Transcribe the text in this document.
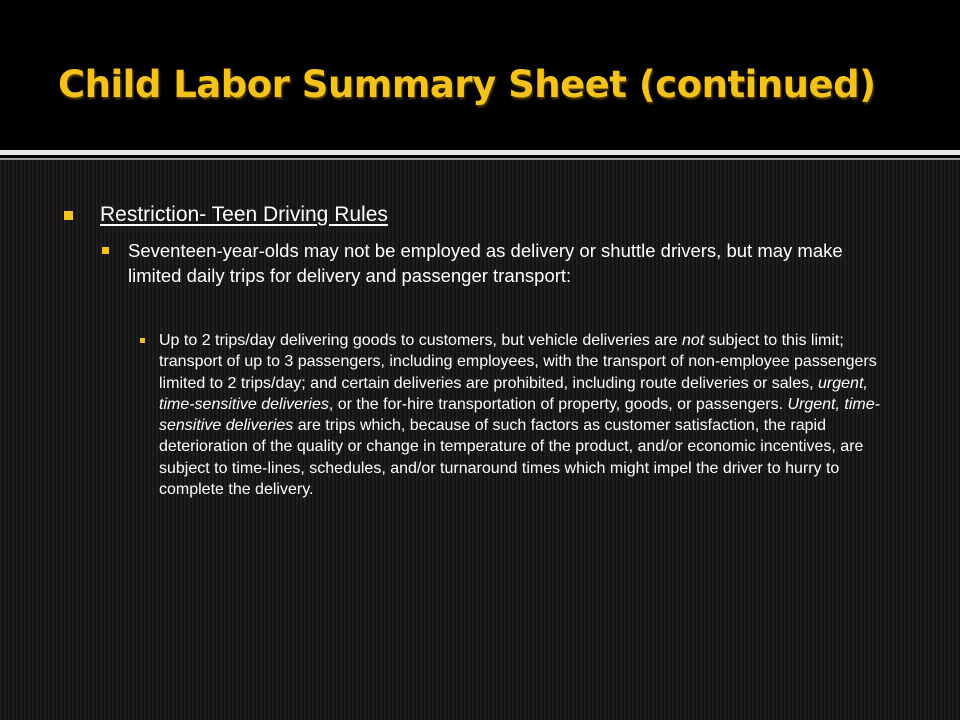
Child Labor Summary Sheet (continued)
Restriction- Teen Driving Rules

Seventeen-year-olds may not be employed as delivery or shuttle drivers, but may make limited daily trips for delivery and passenger transport:

Up to 2 trips/day delivering goods to customers, but vehicle deliveries are not subject to this limit; transport of up to 3 passengers, including employees, with the transport of non-employee passengers limited to 2 trips/day; and certain deliveries are prohibited, including route deliveries or sales, urgent, time-sensitive deliveries, or the for-hire transportation of property, goods, or passengers. Urgent, time-sensitive deliveries are trips which, because of such factors as customer satisfaction, the rapid deterioration of the quality or change in temperature of the product, and/or economic incentives, are subject to time-lines, schedules, and/or turnaround times which might impel the driver to hurry to complete the delivery.
